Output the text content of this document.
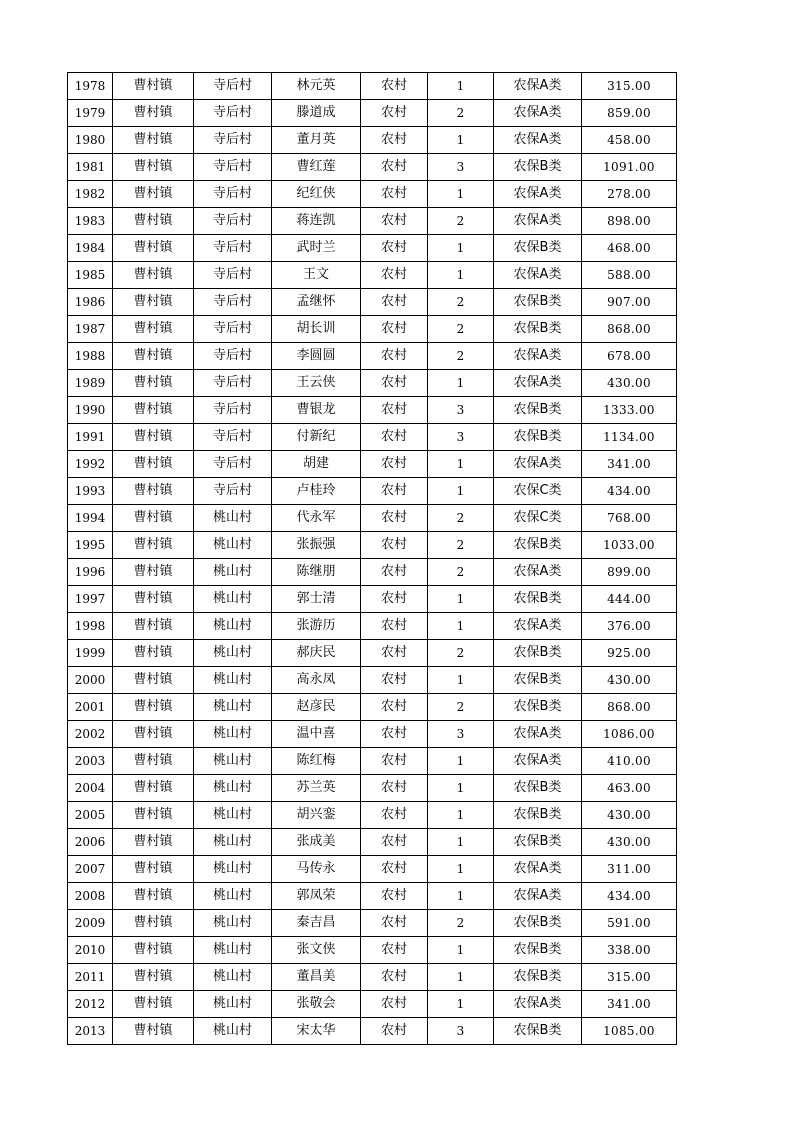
1978	曹村镇	寺后村	林元英	农村	1	农保A类	315.00
1979	曹村镇	寺后村	滕道成	农村	2	农保A类	859.00
1980	曹村镇	寺后村	董月英	农村	1	农保A类	458.00
1981	曹村镇	寺后村	曹红莲	农村	3	农保B类	1091.00
1982	曹村镇	寺后村	纪红侠	农村	1	农保A类	278.00
1983	曹村镇	寺后村	蒋连凯	农村	2	农保A类	898.00
1984	曹村镇	寺后村	武时兰	农村	1	农保B类	468.00
1985	曹村镇	寺后村	王文	农村	1	农保A类	588.00
1986	曹村镇	寺后村	孟继怀	农村	2	农保B类	907.00
1987	曹村镇	寺后村	胡长训	农村	2	农保B类	868.00
1988	曹村镇	寺后村	李圆圆	农村	2	农保A类	678.00
1989	曹村镇	寺后村	王云侠	农村	1	农保A类	430.00
1990	曹村镇	寺后村	曹银龙	农村	3	农保B类	1333.00
1991	曹村镇	寺后村	付新纪	农村	3	农保B类	1134.00
1992	曹村镇	寺后村	胡建	农村	1	农保A类	341.00
1993	曹村镇	寺后村	卢桂玲	农村	1	农保C类	434.00
1994	曹村镇	桃山村	代永军	农村	2	农保C类	768.00
1995	曹村镇	桃山村	张振强	农村	2	农保B类	1033.00
1996	曹村镇	桃山村	陈继朋	农村	2	农保A类	899.00
1997	曹村镇	桃山村	郭士清	农村	1	农保B类	444.00
1998	曹村镇	桃山村	张游历	农村	1	农保A类	376.00
1999	曹村镇	桃山村	郝庆民	农村	2	农保B类	925.00
2000	曹村镇	桃山村	高永凤	农村	1	农保B类	430.00
2001	曹村镇	桃山村	赵彦民	农村	2	农保B类	868.00
2002	曹村镇	桃山村	温中喜	农村	3	农保A类	1086.00
2003	曹村镇	桃山村	陈红梅	农村	1	农保A类	410.00
2004	曹村镇	桃山村	苏兰英	农村	1	农保B类	463.00
2005	曹村镇	桃山村	胡兴銮	农村	1	农保B类	430.00
2006	曹村镇	桃山村	张成美	农村	1	农保B类	430.00
2007	曹村镇	桃山村	马传永	农村	1	农保A类	311.00
2008	曹村镇	桃山村	郭凤荣	农村	1	农保A类	434.00
2009	曹村镇	桃山村	秦吉昌	农村	2	农保B类	591.00
2010	曹村镇	桃山村	张文侠	农村	1	农保B类	338.00
2011	曹村镇	桃山村	董昌美	农村	1	农保B类	315.00
2012	曹村镇	桃山村	张敬会	农村	1	农保A类	341.00
2013	曹村镇	桃山村	宋太华	农村	3	农保B类	1085.00
